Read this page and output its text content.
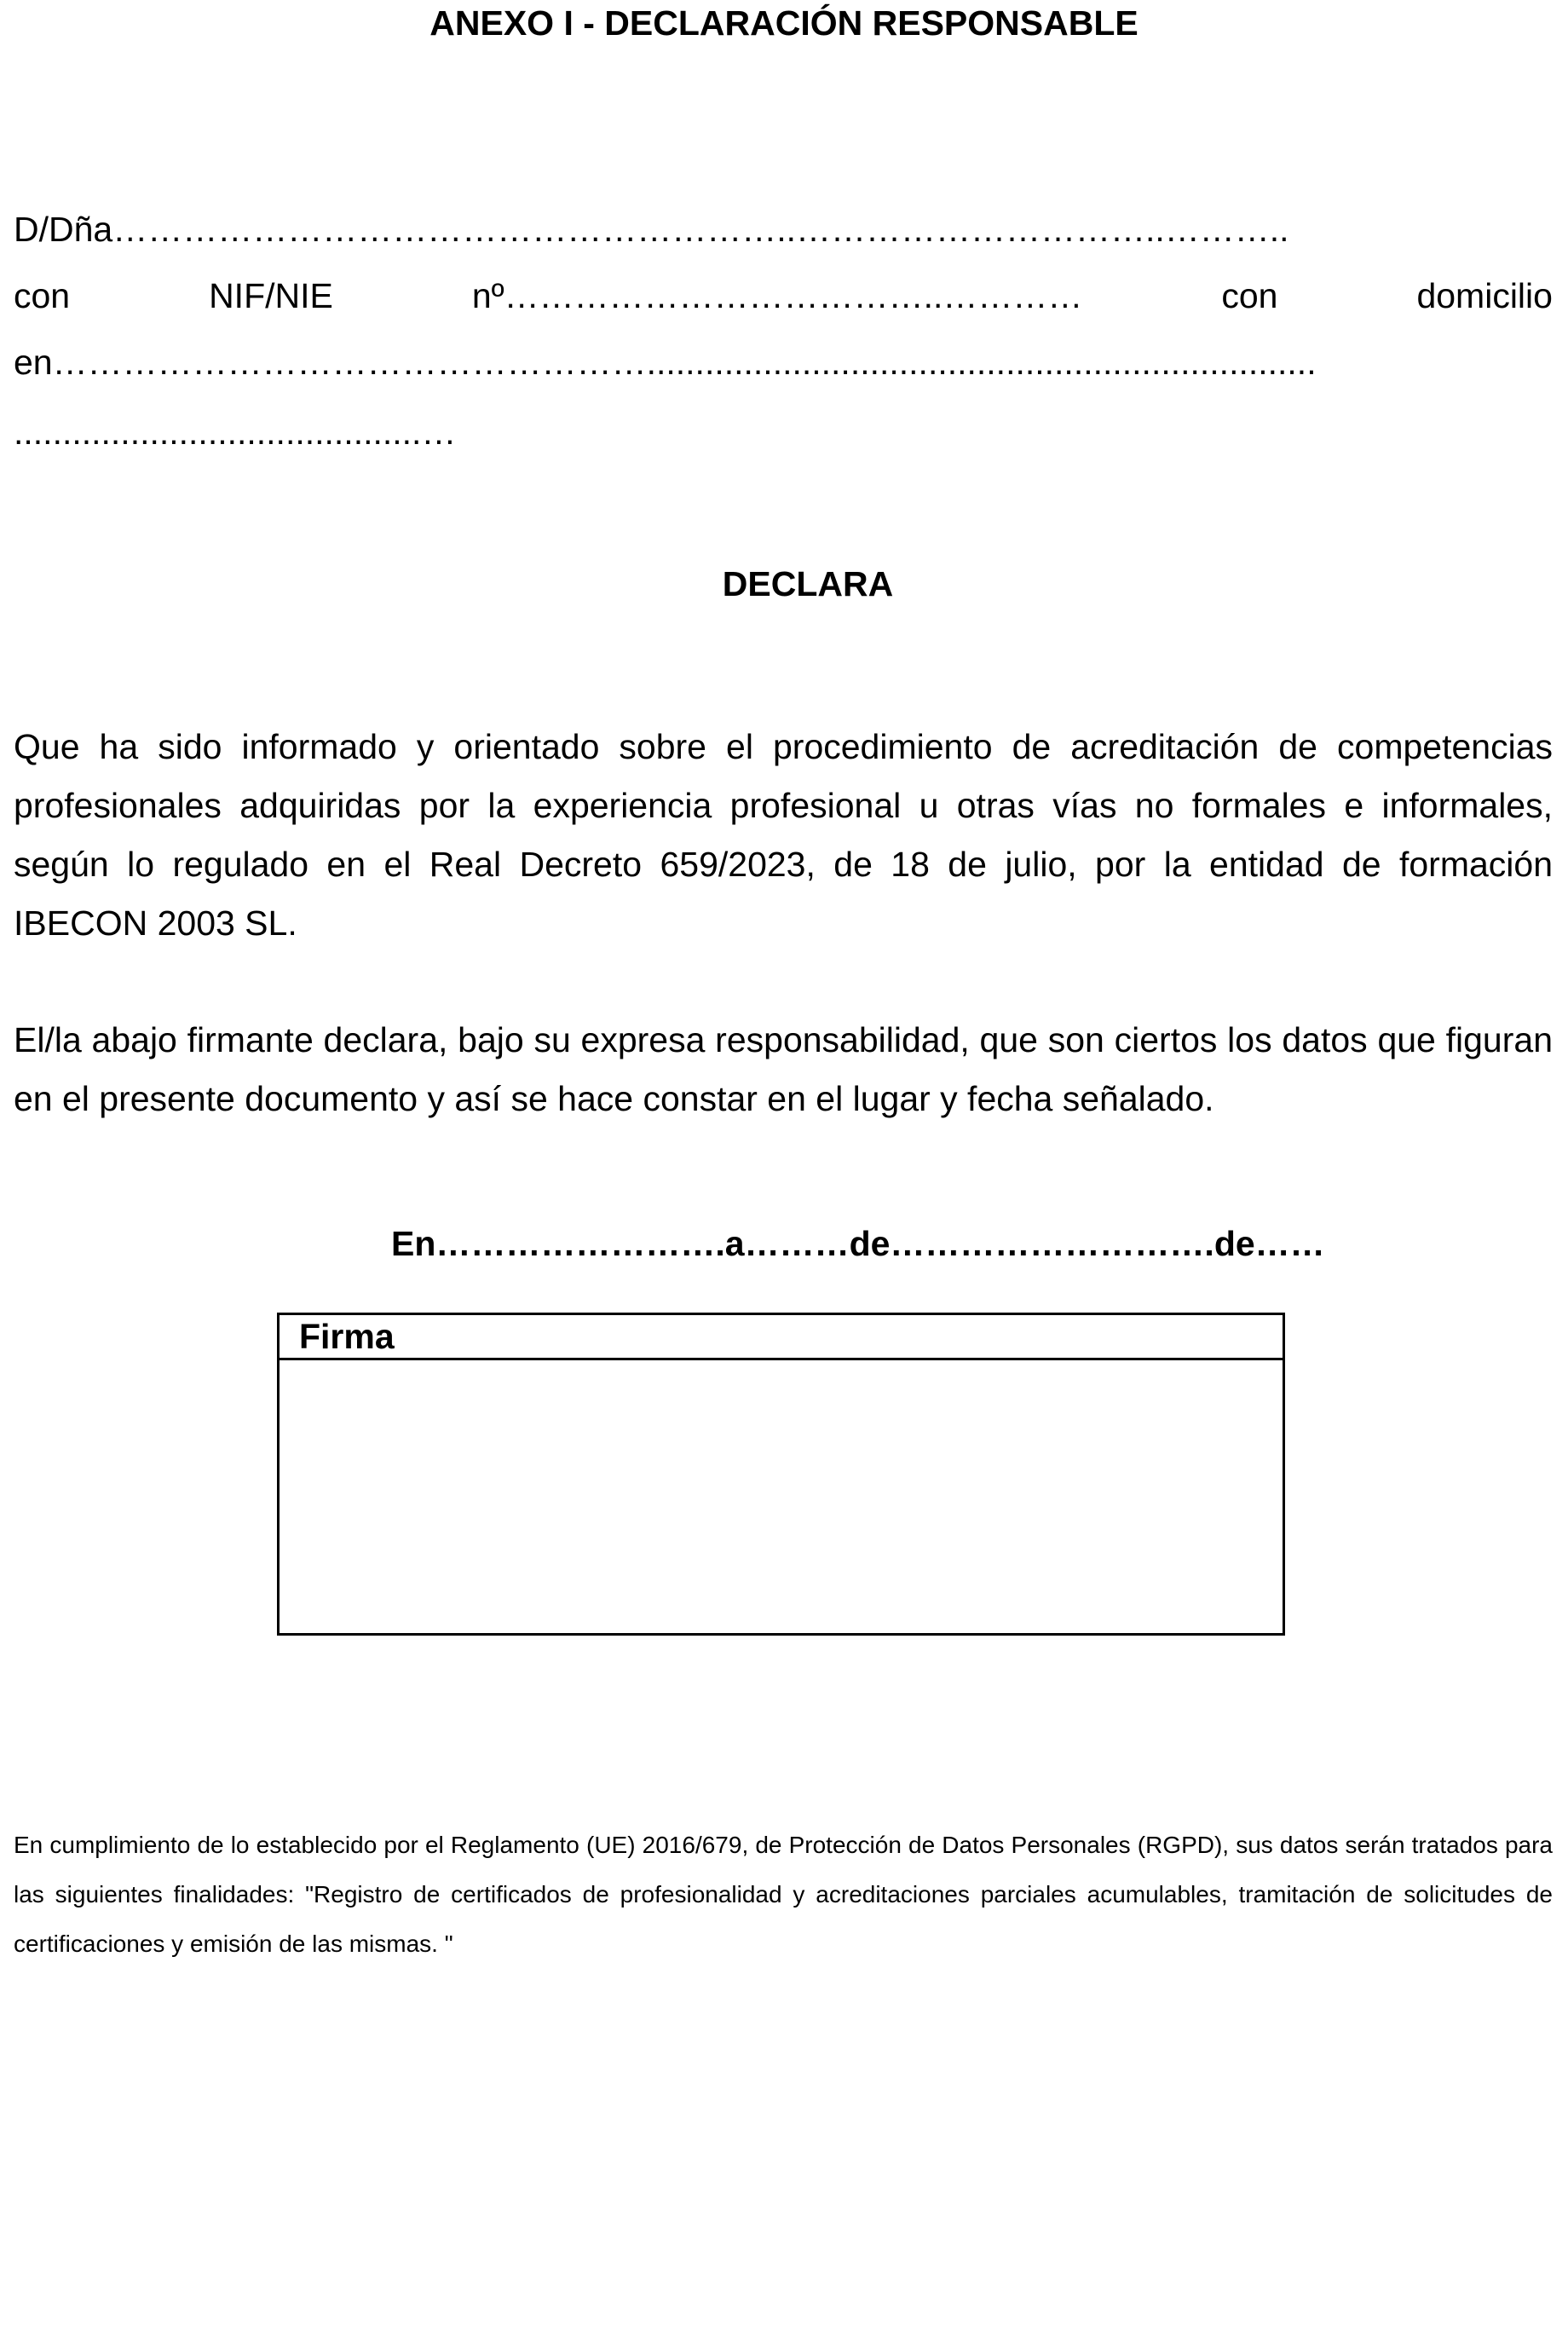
ANEXO I - DECLARACIÓN RESPONSABLE
D/Dña…………………………………………………..…………………………..………..
con	NIF/NIE	nº………………………………..…………	con	domicilio
en…………………………………………….....................................................................
..........................................…
DECLARA
Que ha sido informado y orientado sobre el procedimiento de acreditación de competencias profesionales adquiridas por la experiencia profesional u otras vías no formales e informales, según lo regulado en el Real Decreto 659/2023, de 18 de julio, por la entidad de formación IBECON 2003 SL.
El/la abajo firmante declara, bajo su expresa responsabilidad, que son ciertos los datos que figuran en el presente documento y así se hace constar en el lugar y fecha señalado.
En…………………….a………de……………………….de……
Firma
En cumplimiento de lo establecido por el Reglamento (UE) 2016/679, de Protección de Datos Personales (RGPD), sus datos serán tratados para las siguientes finalidades: "Registro de certificados de profesionalidad y acreditaciones parciales acumulables, tramitación de solicitudes de certificaciones y emisión de las mismas. "
